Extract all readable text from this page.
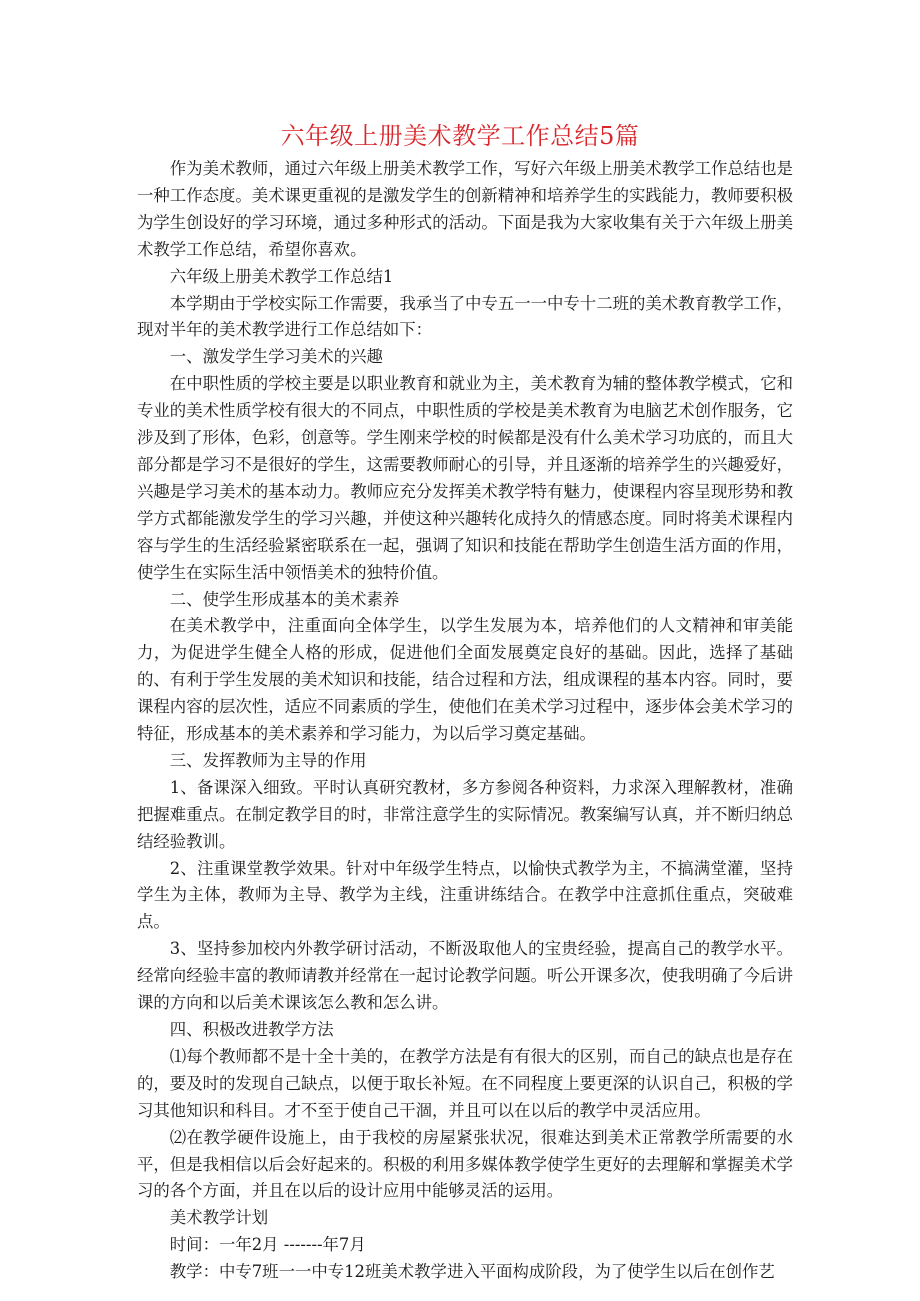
六年级上册美术教学工作总结5篇

作为美术教师，通过六年级上册美术教学工作，写好六年级上册美术教学工作总结也是一种工作态度。美术课更重视的是激发学生的创新精神和培养学生的实践能力，教师要积极为学生创设好的学习环境，通过多种形式的活动。下面是我为大家收集有关于六年级上册美术教学工作总结，希望你喜欢。

六年级上册美术教学工作总结1

本学期由于学校实际工作需要，我承当了中专五一一中专十二班的美术教育教学工作，现对半年的美术教学进行工作总结如下：

一、激发学生学习美术的兴趣

在中职性质的学校主要是以职业教育和就业为主，美术教育为辅的整体教学模式，它和专业的美术性质学校有很大的不同点，中职性质的学校是美术教育为电脑艺术创作服务，它涉及到了形体，色彩，创意等。学生刚来学校的时候都是没有什么美术学习功底的，而且大部分都是学习不是很好的学生，这需要教师耐心的引导，并且逐渐的培养学生的兴趣爱好，兴趣是学习美术的基本动力。教师应充分发挥美术教学特有魅力，使课程内容呈现形势和教学方式都能激发学生的学习兴趣，并使这种兴趣转化成持久的情感态度。同时将美术课程内容与学生的生活经验紧密联系在一起，强调了知识和技能在帮助学生创造生活方面的作用，使学生在实际生活中领悟美术的独特价值。

二、使学生形成基本的美术素养

在美术教学中，注重面向全体学生，以学生发展为本，培养他们的人文精神和审美能力，为促进学生健全人格的形成，促进他们全面发展奠定良好的基础。因此，选择了基础的、有利于学生发展的美术知识和技能，结合过程和方法，组成课程的基本内容。同时，要课程内容的层次性，适应不同素质的学生，使他们在美术学习过程中，逐步体会美术学习的特征，形成基本的美术素养和学习能力，为以后学习奠定基础。

三、发挥教师为主导的作用

1、备课深入细致。平时认真研究教材，多方参阅各种资料，力求深入理解教材，准确把握难重点。在制定教学目的时，非常注意学生的实际情况。教案编写认真，并不断归纳总结经验教训。

2、注重课堂教学效果。针对中年级学生特点，以愉快式教学为主，不搞满堂灌，坚持学生为主体，教师为主导、教学为主线，注重讲练结合。在教学中注意抓住重点，突破难点。

3、坚持参加校内外教学研讨活动，不断汲取他人的宝贵经验，提高自己的教学水平。经常向经验丰富的教师请教并经常在一起讨论教学问题。听公开课多次，使我明确了今后讲课的方向和以后美术课该怎么教和怎么讲。

四、积极改进教学方法

⑴每个教师都不是十全十美的，在教学方法是有有很大的区别，而自己的缺点也是存在的，要及时的发现自己缺点，以便于取长补短。在不同程度上要更深的认识自己，积极的学习其他知识和科目。才不至于使自己干涸，并且可以在以后的教学中灵活应用。

⑵在教学硬件设施上，由于我校的房屋紧张状况，很难达到美术正常教学所需要的水平，但是我相信以后会好起来的。积极的利用多媒体教学使学生更好的去理解和掌握美术学习的各个方面，并且在以后的设计应用中能够灵活的运用。

美术教学计划

时间：一年2月 -------年7月

教学：中专7班一一中专12班美术教学进入平面构成阶段，为了使学生以后在创作艺
